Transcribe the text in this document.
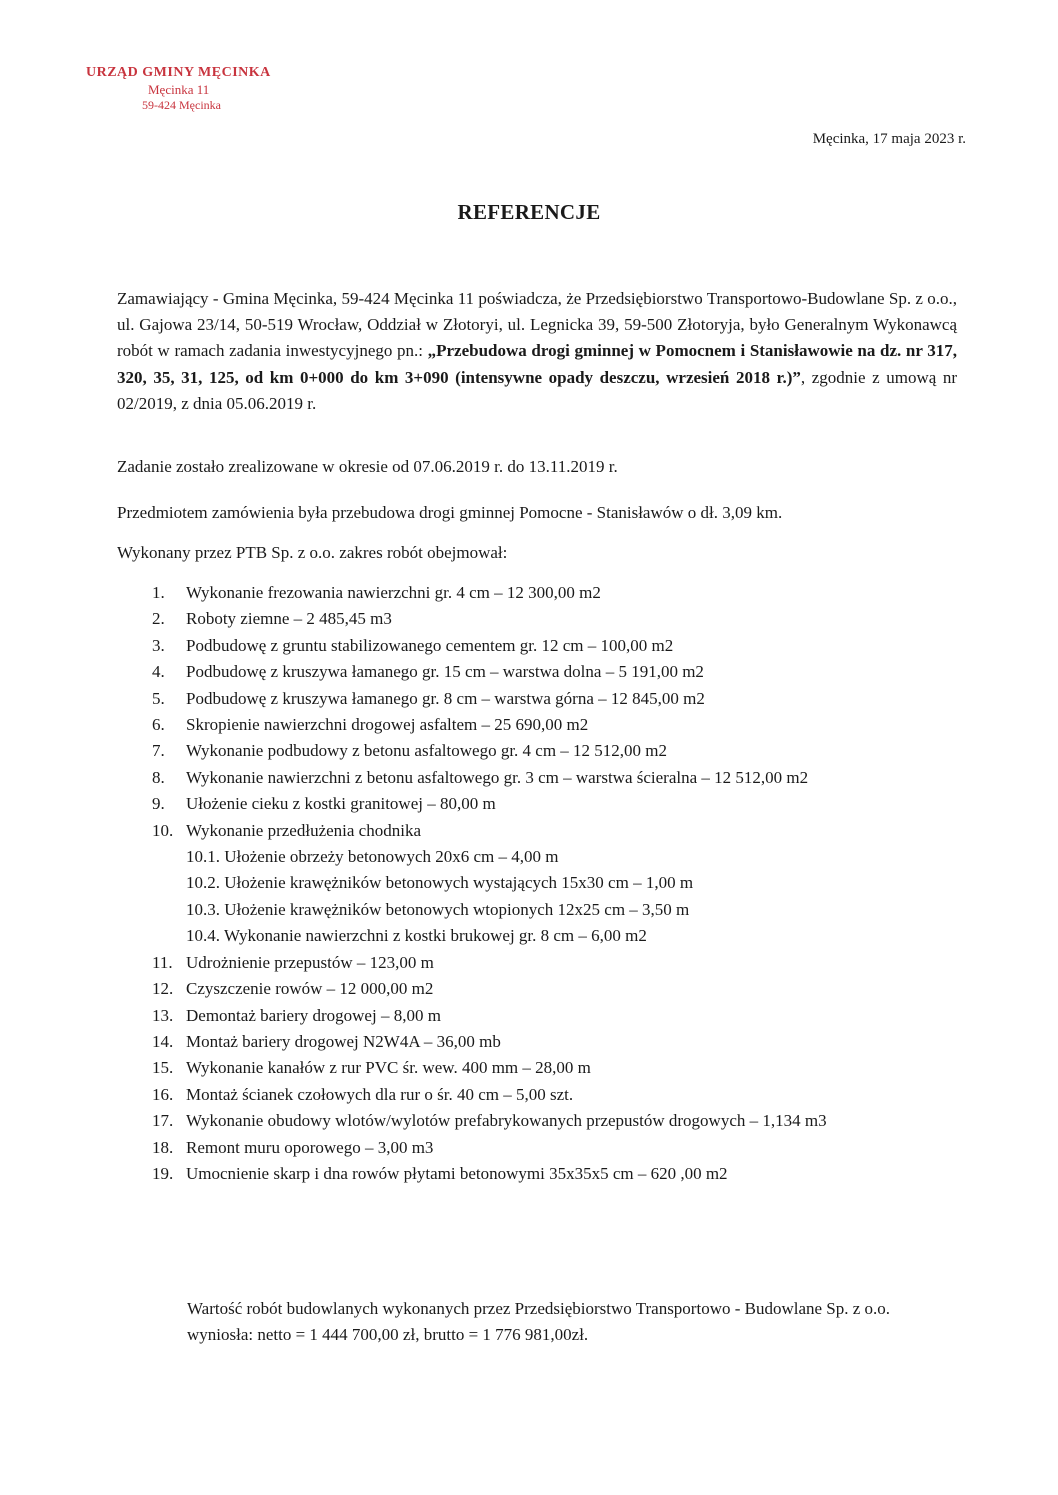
URZĄD GMINY MĘCINKA
Męcinka 11
59-424 Męcinka
Męcinka, 17 maja 2023 r.
REFERENCJE
Zamawiający - Gmina Męcinka, 59-424 Męcinka 11 poświadcza, że Przedsiębiorstwo Transportowo-Budowlane Sp. z o.o., ul. Gajowa 23/14, 50-519 Wrocław, Oddział w Złotoryi, ul. Legnicka 39, 59-500 Złotoryja, było Generalnym Wykonawcą robót w ramach zadania inwestycyjnego pn.: „Przebudowa drogi gminnej w Pomocnem i Stanisławowie na dz. nr 317, 320, 35, 31, 125, od km 0+000 do km 3+090 (intensywne opady deszczu, wrzesień 2018 r.)”, zgodnie z umową nr 02/2019, z dnia 05.06.2019 r.
Zadanie zostało zrealizowane w okresie od 07.06.2019 r. do 13.11.2019 r.
Przedmiotem zamówienia była przebudowa drogi gminnej Pomocne - Stanisławów o dł. 3,09 km.
Wykonany przez PTB Sp. z o.o. zakres robót obejmował:
1.	Wykonanie frezowania nawierzchni gr. 4 cm – 12 300,00 m2
2.	Roboty ziemne – 2 485,45 m3
3.	Podbudowę z gruntu stabilizowanego cementem gr. 12 cm – 100,00 m2
4.	Podbudowę z kruszywa łamanego gr. 15 cm – warstwa dolna – 5 191,00 m2
5.	Podbudowę z kruszywa łamanego gr. 8 cm – warstwa górna – 12 845,00 m2
6.	Skropienie nawierzchni drogowej asfaltem – 25 690,00 m2
7.	Wykonanie podbudowy z betonu asfaltowego gr. 4 cm – 12 512,00 m2
8.	Wykonanie nawierzchni z betonu asfaltowego gr. 3 cm – warstwa ścieralna – 12 512,00 m2
9.	Ułożenie cieku z kostki granitowej – 80,00 m
10. Wykonanie przedłużenia chodnika
10.1. Ułożenie obrzeży betonowych 20x6 cm – 4,00 m
10.2. Ułożenie krawężników betonowych wystających 15x30 cm – 1,00 m
10.3. Ułożenie krawężników betonowych wtopionych 12x25 cm – 3,50 m
10.4. Wykonanie nawierzchni z kostki brukowej gr. 8 cm – 6,00 m2
11. Udrożnienie przepustów – 123,00 m
12. Czyszczenie rowów – 12 000,00 m2
13. Demontaż bariery drogowej – 8,00 m
14. Montaż bariery drogowej N2W4A – 36,00 mb
15. Wykonanie kanałów z rur PVC śr. wew. 400 mm – 28,00 m
16. Montaż ścianek czołowych dla rur o śr. 40 cm – 5,00 szt.
17. Wykonanie obudowy wlotów/wylotów prefabrykowanych przepustów drogowych – 1,134 m3
18. Remont muru oporowego – 3,00 m3
19. Umocnienie skarp i dna rowów płytami betonowymi 35x35x5 cm – 620 ,00 m2
Wartość robót budowlanych wykonanych przez Przedsiębiorstwo Transportowo - Budowlane Sp. z o.o. wyniosła: netto = 1 444 700,00 zł, brutto = 1 776 981,00zł.
